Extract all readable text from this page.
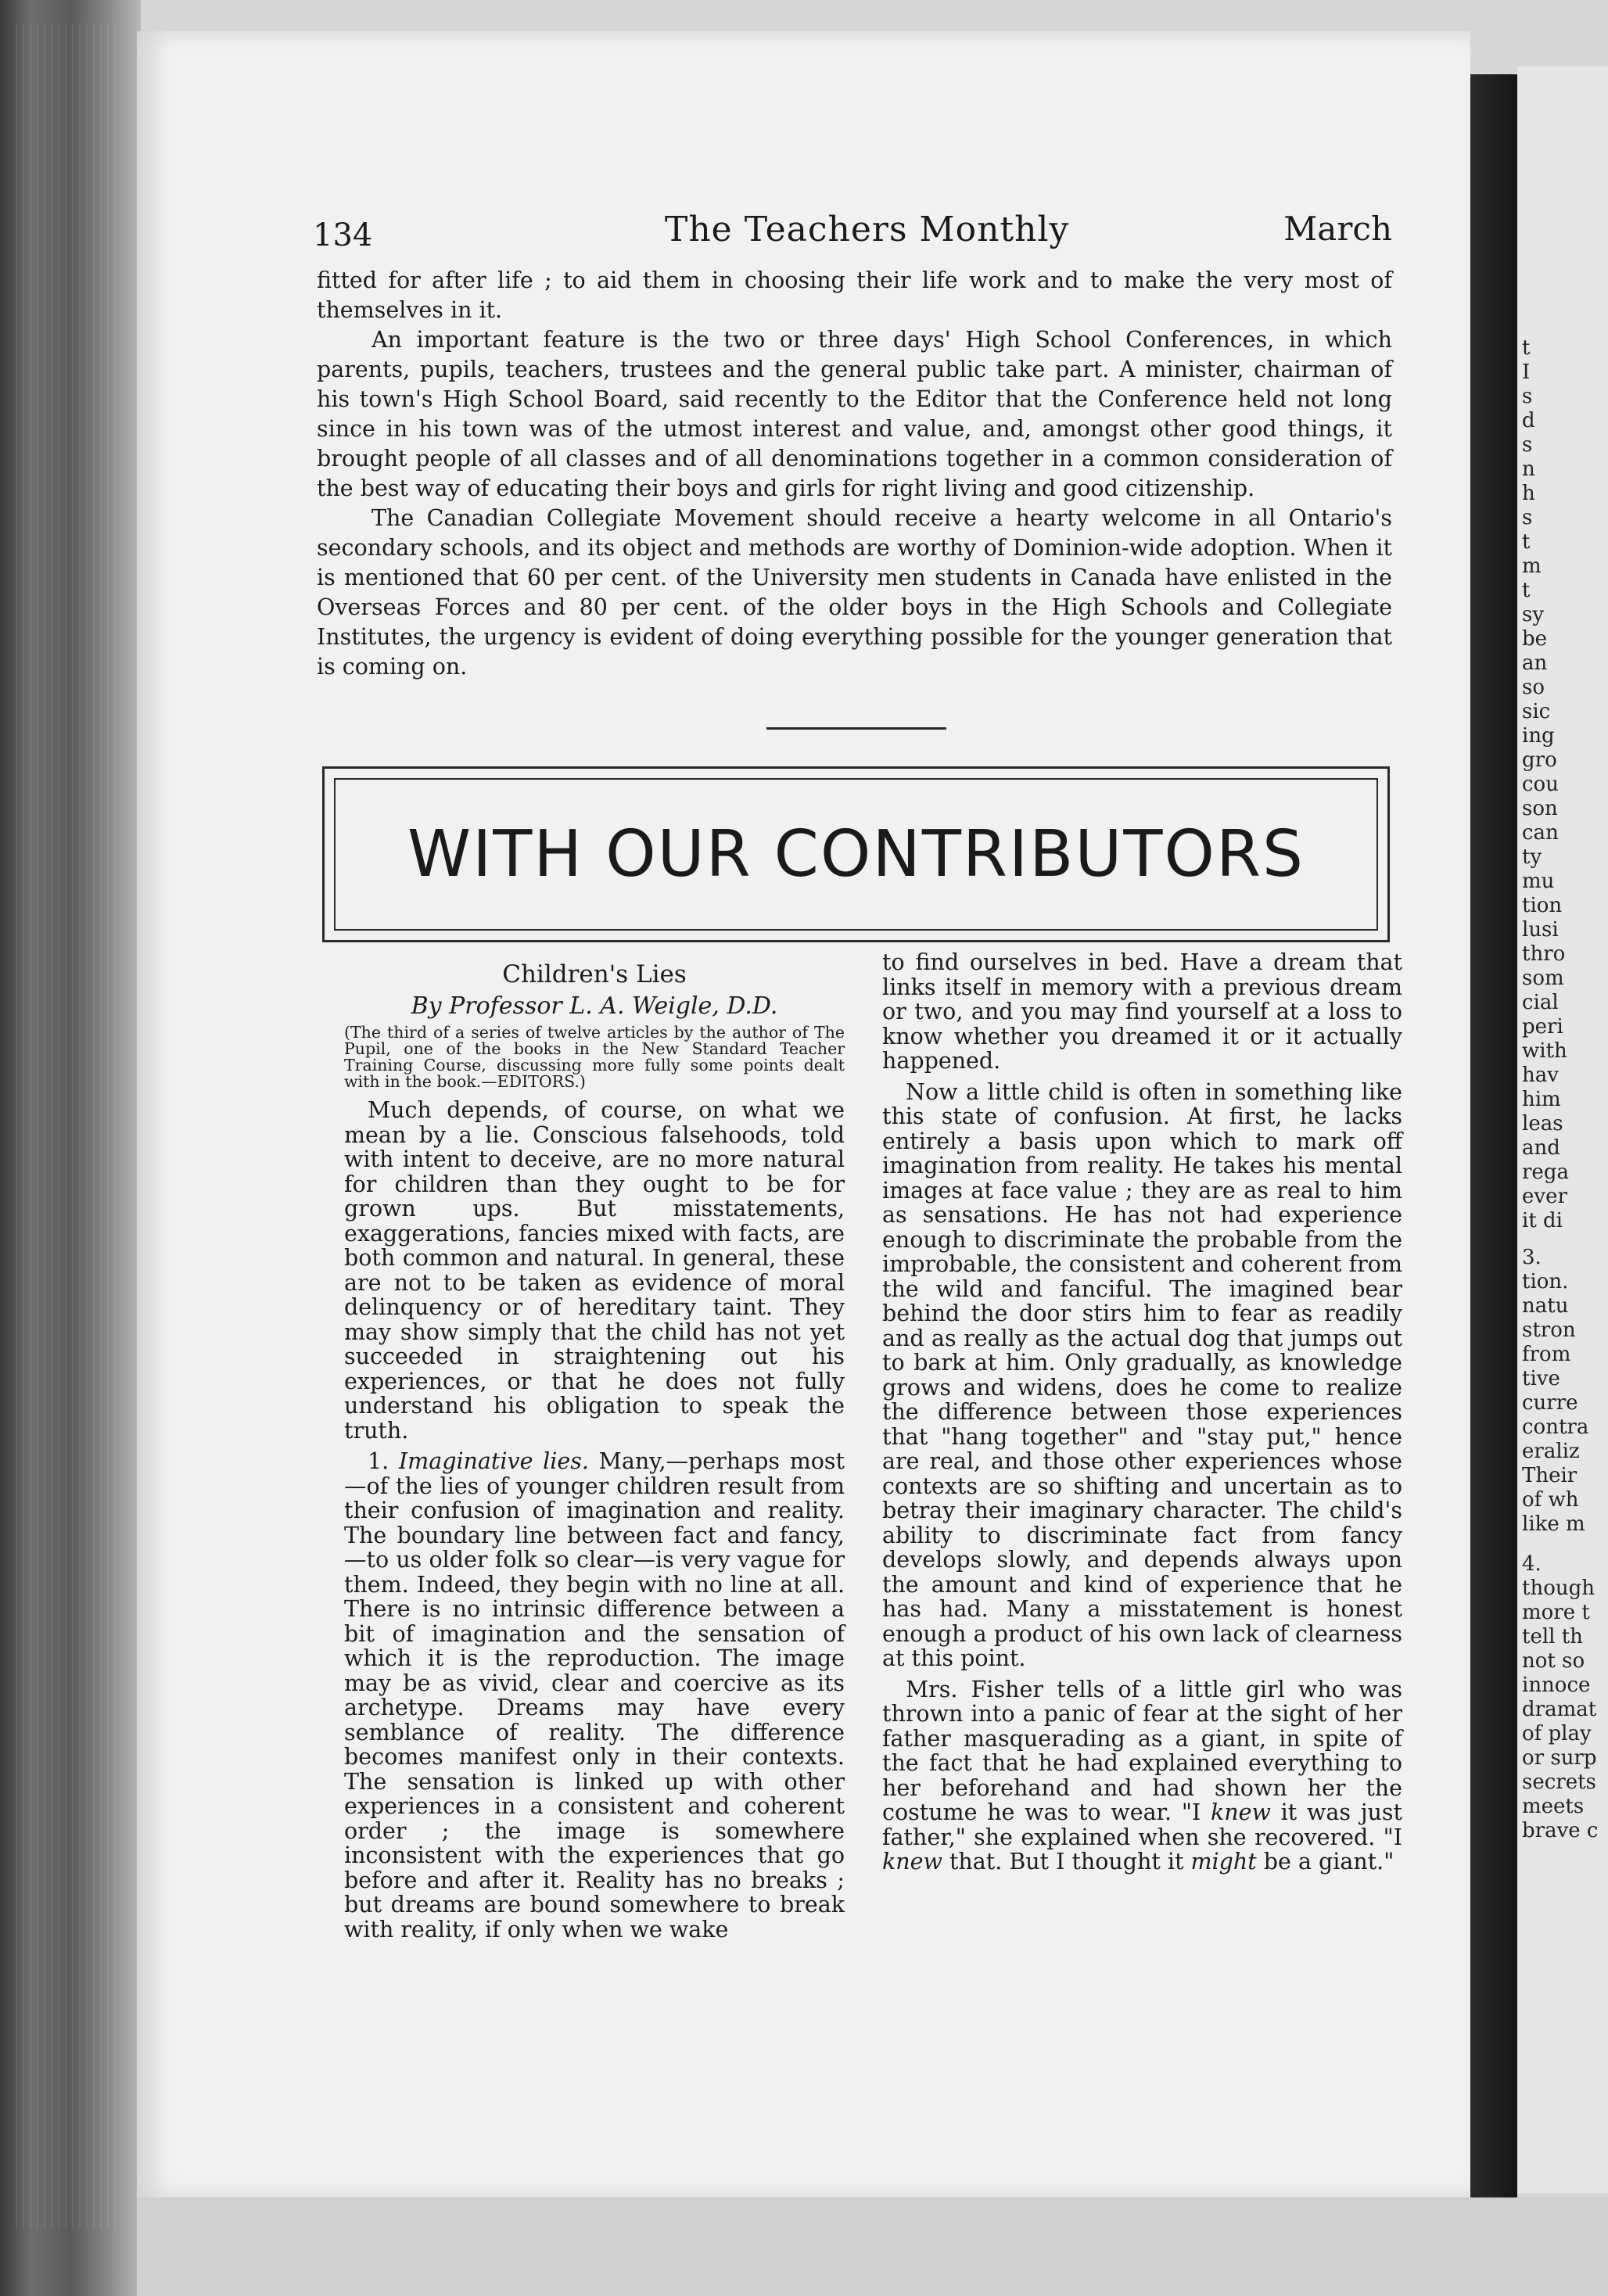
t
I
s
d
s
n
h
s
t
m
t
sy
be
an
so
sic
ing
gro
cou
son
can
ty
mu
tion
lusi
thro
som
cial
peri
with
hav
him
leas
and
rega
ever
it di
3.
tion.
natu
stron
from
tive
curre
contra
eraliz
Their
of wh
like m
4.
though
more t
tell th
not so
innoce
dramat
of play
or surp
secrets
meets
brave c
134	The Teachers Monthly	March

fitted for after life ; to aid them in choosing their life work and to make the very most of themselves in it.

An important feature is the two or three days' High School Conferences, in which parents, pupils, teachers, trustees and the general public take part. A minister, chairman of his town's High School Board, said recently to the Editor that the Conference held not long since in his town was of the utmost interest and value, and, amongst other good things, it brought people of all classes and of all denominations together in a common consideration of the best way of educating their boys and girls for right living and good citizenship.

The Canadian Collegiate Movement should receive a hearty welcome in all Ontario's secondary schools, and its object and methods are worthy of Dominion-wide adoption. When it is mentioned that 60 per cent. of the University men students in Canada have enlisted in the Overseas Forces and 80 per cent. of the older boys in the High Schools and Collegiate Institutes, the urgency is evident of doing everything possible for the younger generation that is coming on.

WITH OUR CONTRIBUTORS

Children's Lies

By Professor L. A. Weigle, D.D.

(The third of a series of twelve articles by the author of The Pupil, one of the books in the New Standard Teacher Training Course, discussing more fully some points dealt with in the book.—EDITORS.)

Much depends, of course, on what we mean by a lie. Conscious falsehoods, told with intent to deceive, are no more natural for children than they ought to be for grown ups. But misstatements, exaggerations, fancies mixed with facts, are both common and natural. In general, these are not to be taken as evidence of moral delinquency or of hereditary taint. They may show simply that the child has not yet succeeded in straightening out his experiences, or that he does not fully understand his obligation to speak the truth.

1. Imaginative lies. Many,—perhaps most—of the lies of younger children result from their confusion of imagination and reality. The boundary line between fact and fancy,—to us older folk so clear—is very vague for them. Indeed, they begin with no line at all. There is no intrinsic difference between a bit of imagination and the sensation of which it is the reproduction. The image may be as vivid, clear and coercive as its archetype. Dreams may have every semblance of reality. The difference becomes manifest only in their contexts. The sensation is linked up with other experiences in a consistent and coherent order ; the image is somewhere inconsistent with the experiences that go before and after it. Reality has no breaks ; but dreams are bound somewhere to break with reality, if only when we wake

to find ourselves in bed. Have a dream that links itself in memory with a previous dream or two, and you may find yourself at a loss to know whether you dreamed it or it actually happened.

Now a little child is often in something like this state of confusion. At first, he lacks entirely a basis upon which to mark off imagination from reality. He takes his mental images at face value ; they are as real to him as sensations. He has not had experience enough to discriminate the probable from the improbable, the consistent and coherent from the wild and fanciful. The imagined bear behind the door stirs him to fear as readily and as really as the actual dog that jumps out to bark at him. Only gradually, as knowledge grows and widens, does he come to realize the difference between those experiences that "hang together" and "stay put," hence are real, and those other experiences whose contexts are so shifting and uncertain as to betray their imaginary character. The child's ability to discriminate fact from fancy develops slowly, and depends always upon the amount and kind of experience that he has had. Many a misstatement is honest enough a product of his own lack of clearness at this point.

Mrs. Fisher tells of a little girl who was thrown into a panic of fear at the sight of her father masquerading as a giant, in spite of the fact that he had explained everything to her beforehand and had shown her the costume he was to wear. "I knew it was just father," she explained when she recovered. "I knew that. But I thought it might be a giant."
